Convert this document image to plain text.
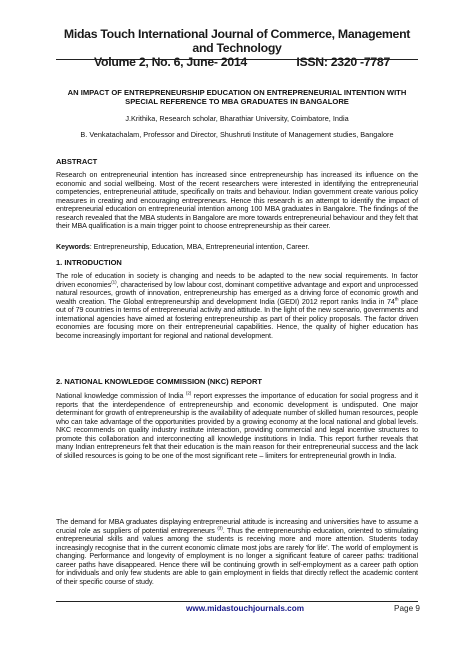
Midas Touch International Journal of Commerce, Management and Technology
Volume 2, No. 6, June- 2014	ISSN: 2320 -7787
AN IMPACT OF ENTREPRENEURSHIP EDUCATION ON ENTREPRENEURIAL INTENTION WITH
SPECIAL REFERENCE TO MBA GRADUATES IN BANGALORE
J.Krithika, Research scholar, Bharathiar University, Coimbatore, India
B. Venkatachalam, Professor and Director, Shushruti Institute of Management studies, Bangalore
ABSTRACT
Research on entrepreneurial intention has increased since entrepreneurship has increased its influence on the economic and social wellbeing. Most of the recent researchers were interested in identifying the entrepreneurial competencies, entrepreneurial attitude, specifically on traits and behaviour. Indian government create various policy measures in creating and encouraging entrepreneurs. Hence this research is an attempt to identify the impact of entrepreneurial education on entrepreneurial intention among 100 MBA graduates in Bangalore. The findings of the research revealed that the MBA students in Bangalore are more towards entrepreneurial behaviour and they felt that their MBA qualification is a main trigger point to choose entrepreneurship as their career.
Keywords: Entrepreneurship, Education, MBA, Entrepreneurial intention, Career.
1. INTRODUCTION
The role of education in society is changing and needs to be adapted to the new social requirements. In factor driven economies$^{(1)}$, characterised by low labour cost, dominant competitive advantage and export and unprocessed natural resources, growth of innovation, entrepreneurship has emerged as a driving force of economic growth and wealth creation. The Global entrepreneurship and development India (GEDI) 2012 report ranks India in 74th place out of 79 countries in terms of entrepreneurial activity and attitude. In the light of the new scenario, governments and international agencies have aimed at fostering entrepreneurship as part of their policy proposals. The factor driven economies are focusing more on their entrepreneurial capabilities. Hence, the quality of higher education has become increasingly important for regional and national development.
2. NATIONAL KNOWLEDGE COMMISSION (NKC) REPORT
National knowledge commission of India $^{(2)}$ report expresses the importance of education for social progress and it reports that the interdependence of entrepreneurship and economic development is undisputed. One major determinant for growth of entrepreneurship is the availability of adequate number of skilled human resources, people who can take advantage of the opportunities provided by a growing economy at the local national and global levels. NKC recommends on quality industry institute interaction, providing commercial and legal incentive structures to promote this collaboration and interconnecting all knowledge institutions in India. This report further reveals that many Indian entrepreneurs felt that their education is the main reason for their entrepreneurial success and the lack of skilled resources is going to be one of the most significant rete – limiters for entrepreneurial growth in India.
The demand for MBA graduates displaying entrepreneurial attitude is increasing and universities have to assume a crucial role as suppliers of potential entrepreneurs $^{(3)}$. Thus the entrepreneurship education, oriented to stimulating entrepreneurial skills and values among the students is receiving more and more attention. Students today increasingly recognise that in the current economic climate most jobs are rarely 'for life'. The world of employment is changing. Performance and longevity of employment is no longer a significant feature of career paths: traditional career paths have disappeared. Hence there will be continuing growth in self-employment as a career path option for individuals and only few students are able to gain employment in fields that directly reflect the academic content of their specific course of study.
www.midastouchjournals.com	Page 9
